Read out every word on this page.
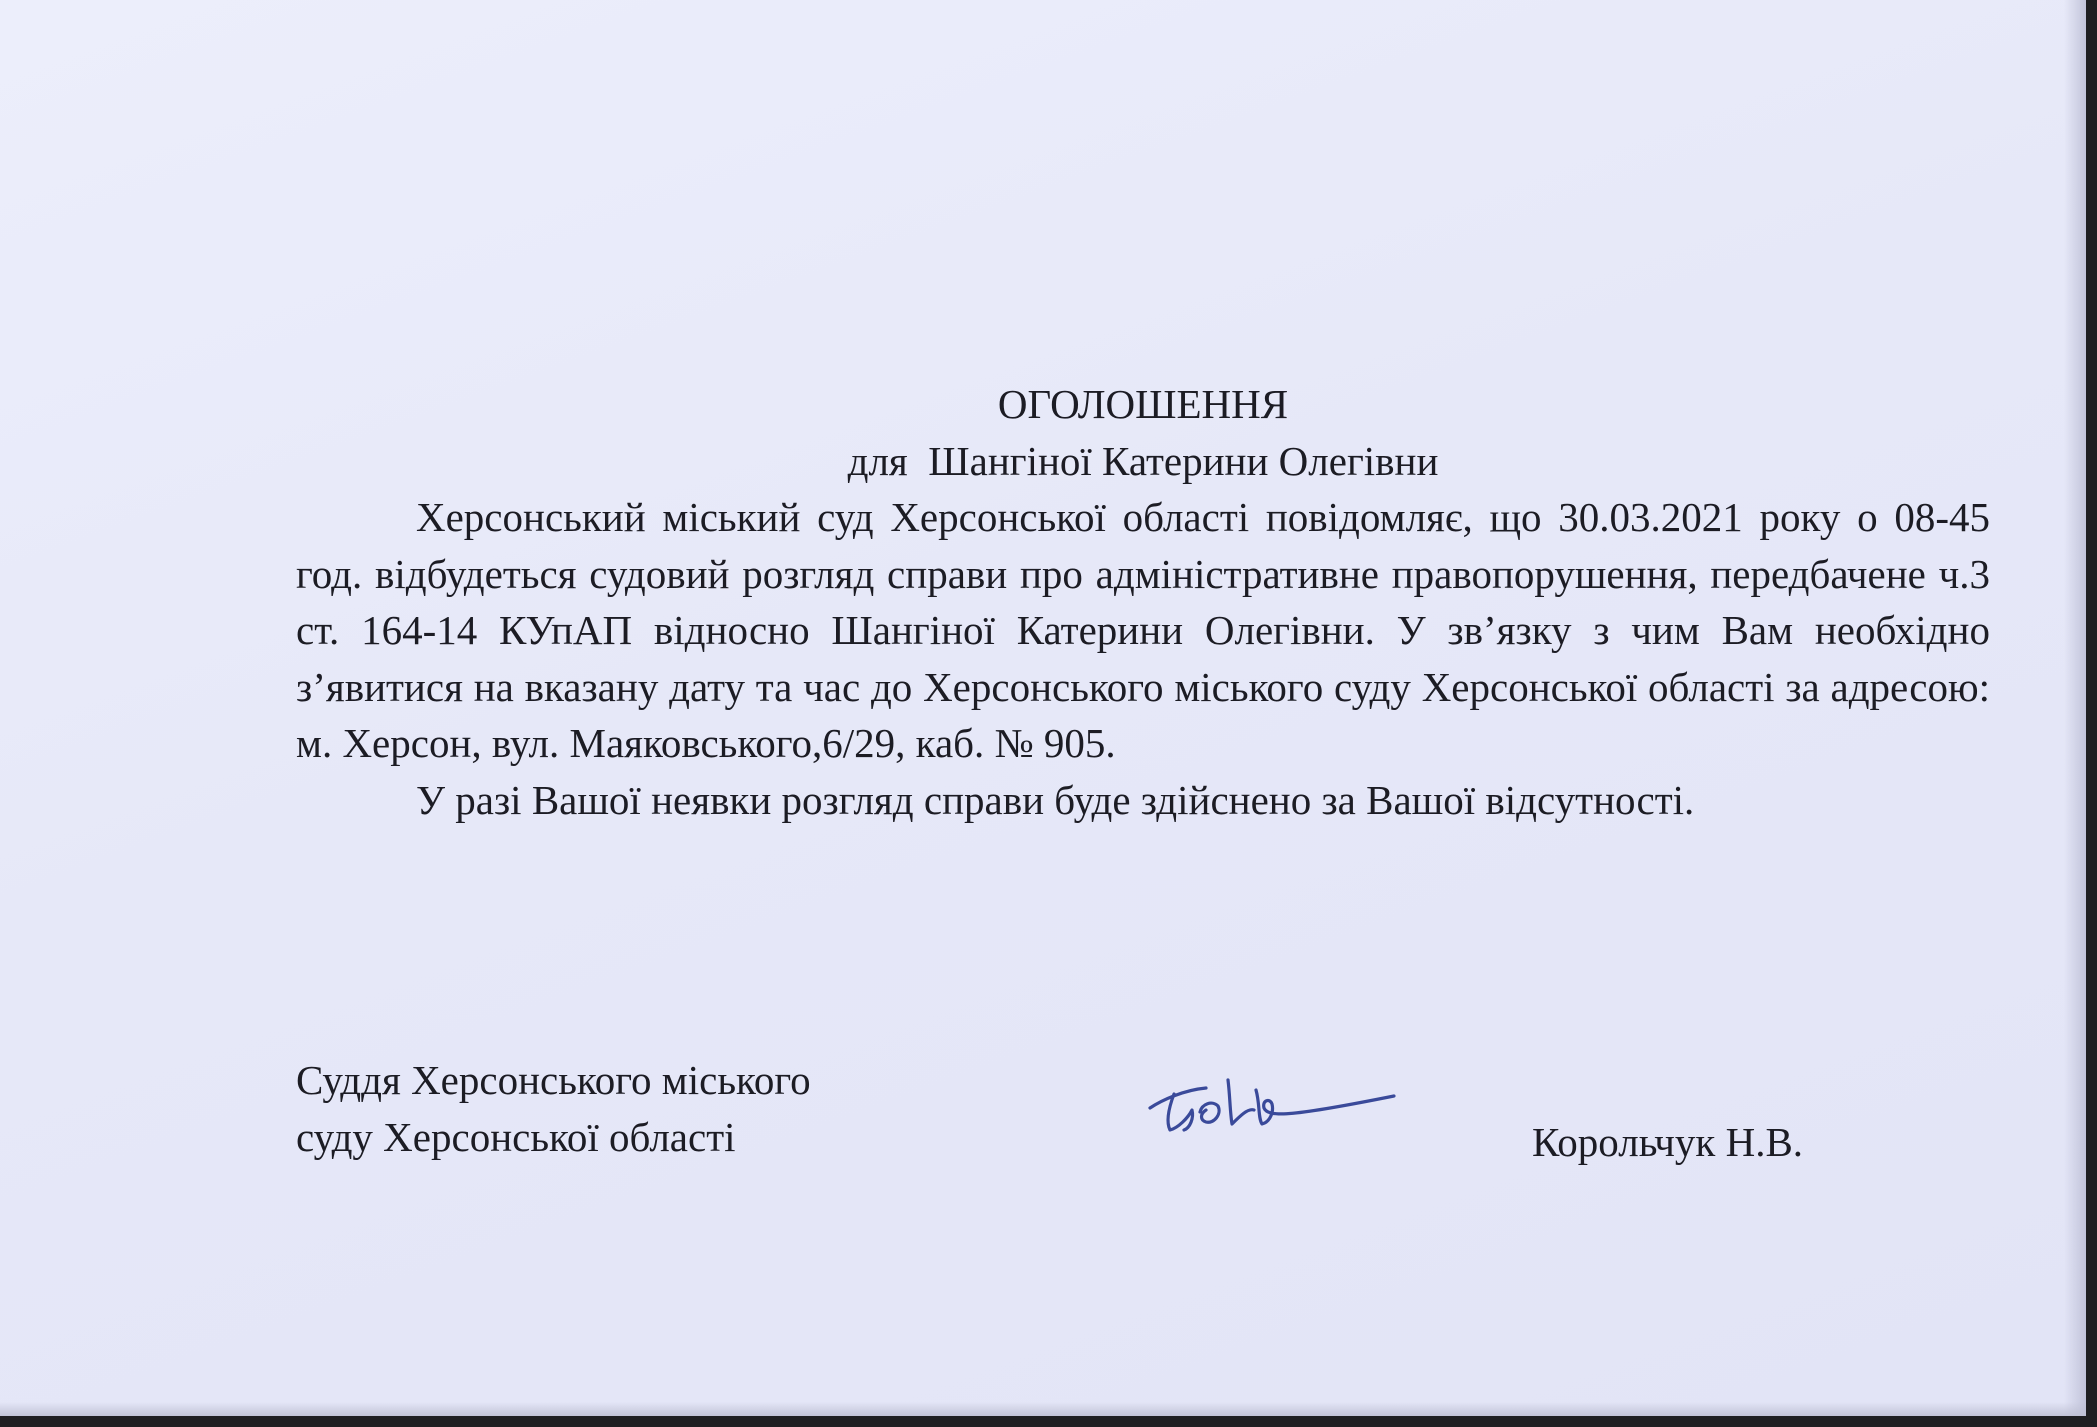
ОГОЛОШЕННЯ
для  Шангіної Катерини Олегівни

Херсонський міський суд Херсонської області повідомляє, що 30.03.2021 року о 08-45 год. відбудеться судовий розгляд справи про адміністративне правопорушення, передбачене ч.3 ст. 164-14 КУпАП відносно Шангіної Катерини Олегівни. У зв’язку з чим Вам необхідно з’явитися на вказану дату та час до Херсонського міського суду Херсонської області за адресою: м. Херсон, вул. Маяковського,6/29, каб. № 905.

У разі Вашої неявки розгляд справи буде здійснено за Вашої відсутності.

Суддя Херсонського міського
суду Херсонської області	Корольчук Н.В.
